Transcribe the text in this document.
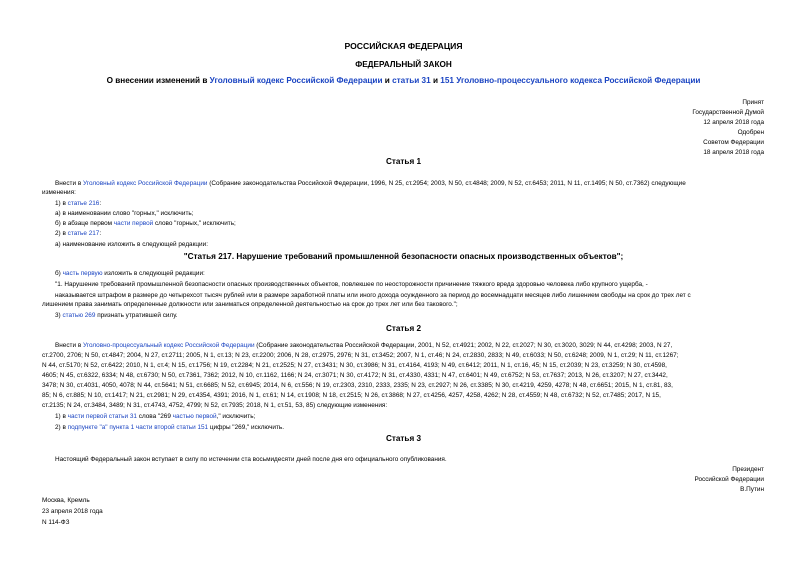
РОССИЙСКАЯ ФЕДЕРАЦИЯ
ФЕДЕРАЛЬНЫЙ ЗАКОН
О внесении изменений в Уголовный кодекс Российской Федерации и статьи 31 и 151 Уголовно-процессуального кодекса Российской Федерации
Принят
Государственной Думой
12 апреля 2018 года
Одобрен
Советом Федерации
18 апреля 2018 года
Статья 1
Внести в Уголовный кодекс Российской Федерации (Собрание законодательства Российской Федерации, 1996, N 25, ст.2954; 2003, N 50, ст.4848; 2009, N 52, ст.6453; 2011, N 11, ст.1495; N 50, ст.7362) следующие
изменения:
1) в статье 216:
а) в наименовании слово "горных," исключить;
б) в абзаце первом части первой слово "горных," исключить;
2) в статье 217:
а) наименование изложить в следующей редакции:
"Статья 217. Нарушение требований промышленной безопасности опасных производственных объектов";
б) часть первую изложить в следующей редакции:
"1. Нарушение требований промышленной безопасности опасных производственных объектов, повлекшее по неосторожности причинение тяжкого вреда здоровью человека либо крупного ущерба, -
наказывается штрафом в размере до четырехсот тысяч рублей или в размере заработной платы или иного дохода осужденного за период до восемнадцати месяцев либо лишением свободы на срок до трех лет с
лишением права занимать определенные должности или заниматься определенной деятельностью на срок до трех лет или без такового.";
3) статью 269 признать утратившей силу.
Статья 2
Внести в Уголовно-процессуальный кодекс Российской Федерации (Собрание законодательства Российской Федерации, 2001, N 52, ст.4921; 2002, N 22, ст.2027; N 30, ст.3020, 3029; N 44, ст.4298; 2003, N 27,
ст.2700, 2706; N 50, ст.4847; 2004, N 27, ст.2711; 2005, N 1, ст.13; N 23, ст.2200; 2006, N 28, ст.2975, 2976; N 31, ст.3452; 2007, N 1, ст.46; N 24, ст.2830, 2833; N 49, ст.6033; N 50, ст.6248; 2009, N 1, ст.29; N 11, ст.1267;
N 44, ст.5170; N 52, ст.6422; 2010, N 1, ст.4; N 15, ст.1756; N 19, ст.2284; N 21, ст.2525; N 27, ст.3431; N 30, ст.3986; N 31, ст.4164, 4193; N 49, ст.6412; 2011, N 1, ст.16, 45; N 15, ст.2039; N 23, ст.3259; N 30, ст.4598,
4605; N 45, ст.6322, 6334; N 48, ст.6730; N 50, ст.7361, 7362; 2012, N 10, ст.1162, 1166; N 24, ст.3071; N 30, ст.4172; N 31, ст.4330, 4331; N 47, ст.6401; N 49, ст.6752; N 53, ст.7637; 2013, N 26, ст.3207; N 27, ст.3442,
3478; N 30, ст.4031, 4050, 4078; N 44, ст.5641; N 51, ст.6685; N 52, ст.6945; 2014, N 6, ст.556; N 19, ст.2303, 2310, 2333, 2335; N 23, ст.2927; N 26, ст.3385; N 30, ст.4219, 4259, 4278; N 48, ст.6651; 2015, N 1, ст.81, 83,
85; N 6, ст.885; N 10, ст.1417; N 21, ст.2981; N 29, ст.4354, 4391; 2016, N 1, ст.61; N 14, ст.1908; N 18, ст.2515; N 26, ст.3868; N 27, ст.4256, 4257, 4258, 4262; N 28, ст.4559; N 48, ст.6732; N 52, ст.7485; 2017, N 15,
ст.2135; N 24, ст.3484, 3489; N 31, ст.4743, 4752, 4799; N 52, ст.7935; 2018, N 1, ст.51, 53, 85) следующие изменения:
1) в части первой статьи 31 слова "269 частью первой," исключить;
2) в подпункте "а" пункта 1 части второй статьи 151 цифры "269," исключить.
Статья 3
Настоящий Федеральный закон вступает в силу по истечении ста восьмидесяти дней после дня его официального опубликования.
Президент
Российской Федерации
В.Путин
Москва, Кремль
23 апреля 2018 года
N 114-ФЗ
